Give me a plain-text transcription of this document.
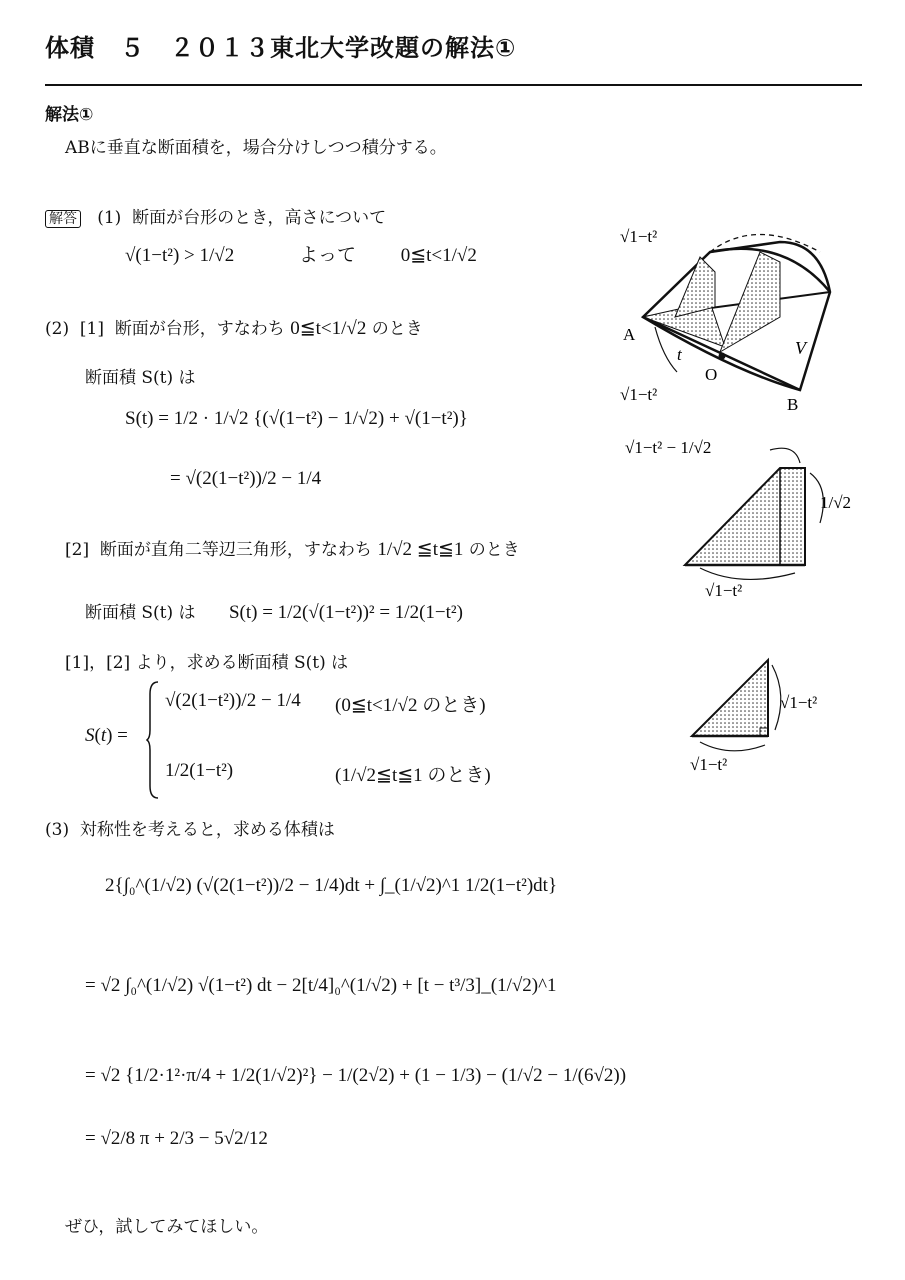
体積　５　２０１３東北大学改題の解法①
解法①
ABに垂直な断面積を，場合分けしつつ積分する。
解答 (1) 断面が台形のとき，高さについて
√(1−t²) > 1/√2	よって 0≦t<1/√2
(2) [1] 断面が台形，すなわち 0≦t<1/√2 のとき
断面積 S(t) は
S(t) = 1/2 · 1/√2 {(√(1−t²) − 1/√2) + √(1−t²)}
= √(2(1−t²))/2 − 1/4
[2] 断面が直角二等辺三角形，すなわち 1/√2 ≦t≦1 のとき
断面積 S(t) は S(t) = 1/2(√(1−t²))² = 1/2(1−t²)
[1]，[2] より，求める断面積 S(t) は
S(t) =
√(2(1−t²))/2 − 1/4 (0≦t<1/√2 のとき)
1/2(1−t²)	(1/√2≦t≦1 のとき)
(3) 対称性を考えると，求める体積は
2{∫₀^(1/√2) (√(2(1−t²))/2 − 1/4)dt + ∫_(1/√2)^1 1/2(1−t²)dt}
= √2 ∫₀^(1/√2) √(1−t²) dt − 2[t/4]₀^(1/√2) + [t − t³/3]_(1/√2)^1
= √2 {1/2·1²·π/4 + 1/2(1/√2)²} − 1/(2√2) + (1 − 1/3) − (1/√2 − 1/(6√2))
= √2/8 π + 2/3 − 5√2/12
ぜひ，試してみてほしい。
√1−t²
A
t
O
V
B
√1−t²
√1−t² − 1/√2
1/√2
√1−t²
√1−t²
√1−t²
